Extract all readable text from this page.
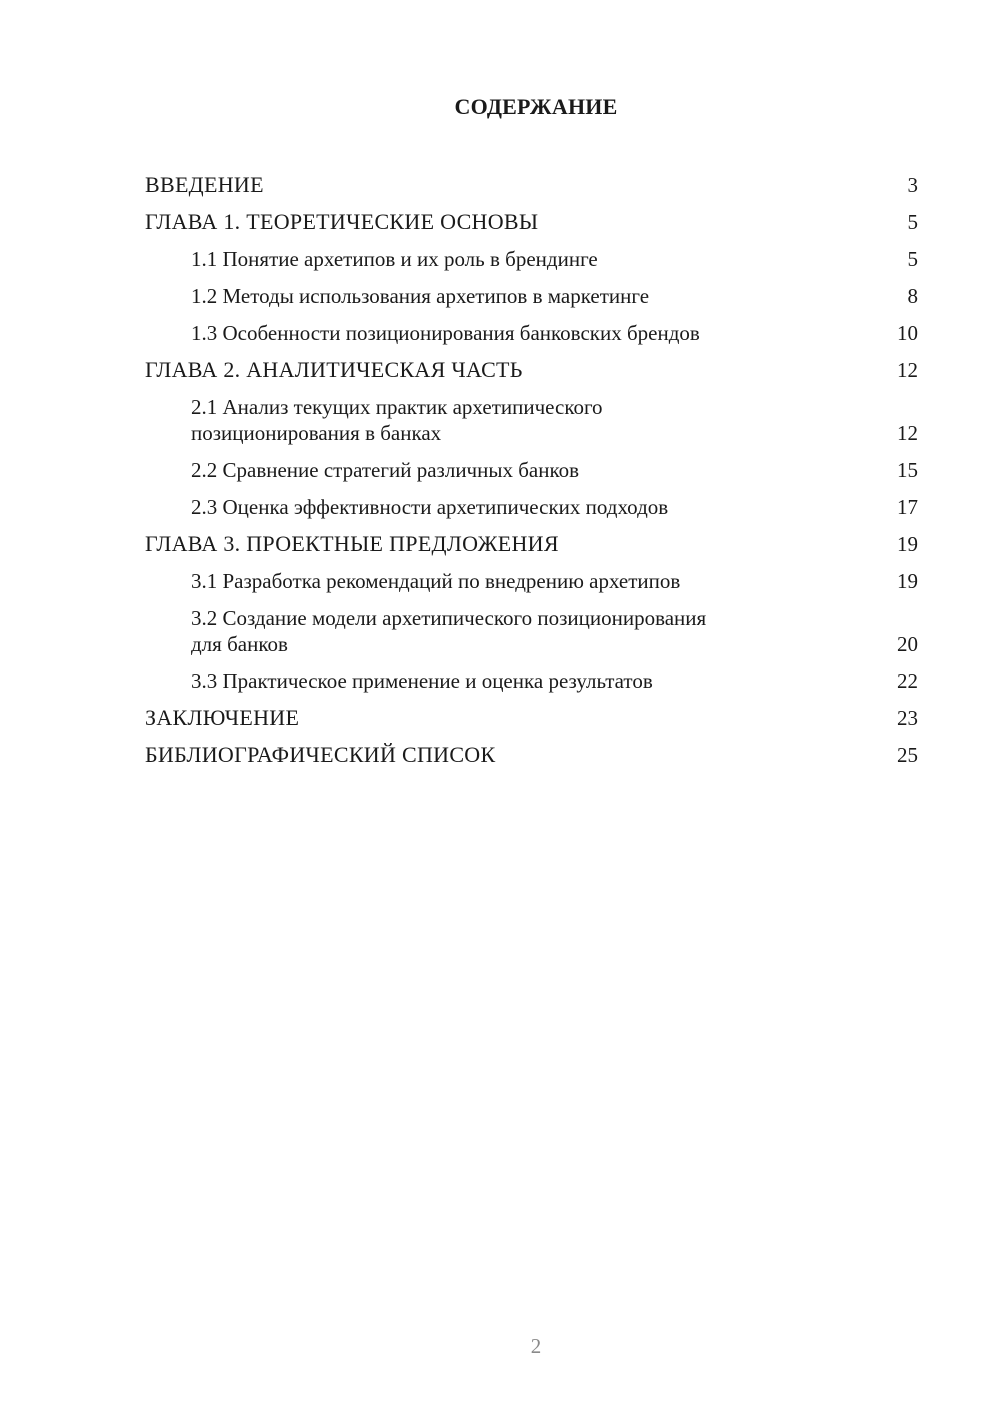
СОДЕРЖАНИЕ
ВВЕДЕНИЕ	3
ГЛАВА 1. ТЕОРЕТИЧЕСКИЕ ОСНОВЫ	5
1.1 Понятие архетипов и их роль в брендинге	5
1.2 Методы использования архетипов в маркетинге	8
1.3 Особенности позиционирования банковских брендов	10
ГЛАВА 2. АНАЛИТИЧЕСКАЯ ЧАСТЬ	12
2.1 Анализ текущих практик архетипического
позиционирования в банках	12
2.2 Сравнение стратегий различных банков	15
2.3 Оценка эффективности архетипических подходов	17
ГЛАВА 3. ПРОЕКТНЫЕ ПРЕДЛОЖЕНИЯ	19
3.1 Разработка рекомендаций по внедрению архетипов	19
3.2 Создание модели архетипического позиционирования
для банков	20
3.3 Практическое применение и оценка результатов	22
ЗАКЛЮЧЕНИЕ	23
БИБЛИОГРАФИЧЕСКИЙ СПИСОК	25
2
